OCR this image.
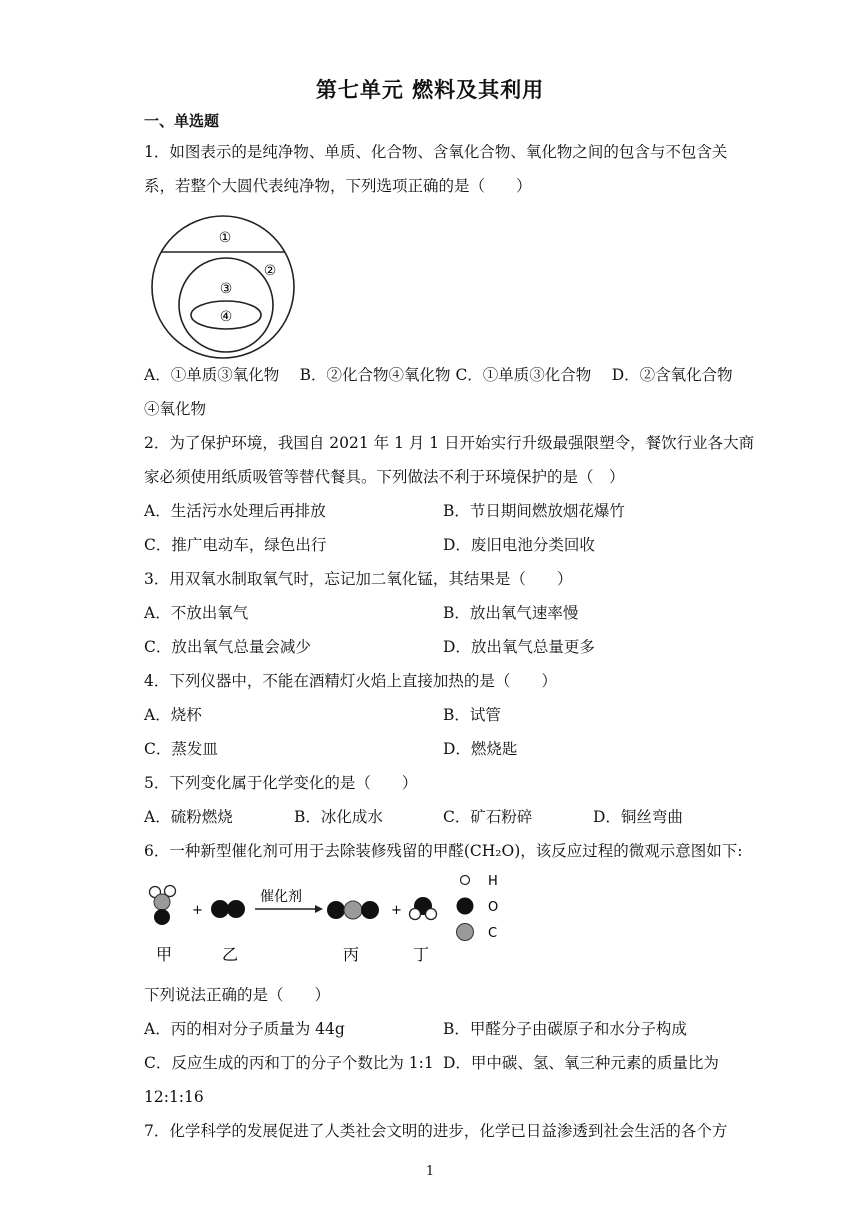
第七单元 燃料及其利用
一、单选题
1．如图表示的是纯净物、单质、化合物、含氧化合物、氧化物之间的包含与不包含关
系，若整个大圆代表纯净物，下列选项正确的是（　　）
①
②
③
④
A．①单质③氧化物　 B．②化合物④氧化物 C．①单质③化合物　 D．②含氧化合物
④氧化物
2．为了保护环境，我国自 2021 年 1 月 1 日开始实行升级最强限塑令，餐饮行业各大商
家必须使用纸质吸管等替代餐具。下列做法不利于环境保护的是（　）
A．生活污水处理后再排放	B．节日期间燃放烟花爆竹
C．推广电动车，绿色出行	D．废旧电池分类回收
3．用双氧水制取氧气时，忘记加二氧化锰，其结果是（　　）
A．不放出氧气	B．放出氧气速率慢
C．放出氧气总量会减少	D．放出氧气总量更多
4．下列仪器中，不能在酒精灯火焰上直接加热的是（　　）
A．烧杯	B．试管
C．蒸发皿	D．燃烧匙
5．下列变化属于化学变化的是（　　）
A．硫粉燃烧	B．冰化成水	C．矿石粉碎	D．铜丝弯曲
6．一种新型催化剂可用于去除装修残留的甲醛(CH₂O)，该反应过程的微观示意图如下:
+
催化剂
+
H
O
C
甲	乙	丙	丁
下列说法正确的是（　　）
A．丙的相对分子质量为 44g	B．甲醛分子由碳原子和水分子构成
C．反应生成的丙和丁的分子个数比为 1:1 D．甲中碳、氢、氧三种元素的质量比为
12:1:16
7．化学科学的发展促进了人类社会文明的进步，化学已日益渗透到社会生活的各个方
1
